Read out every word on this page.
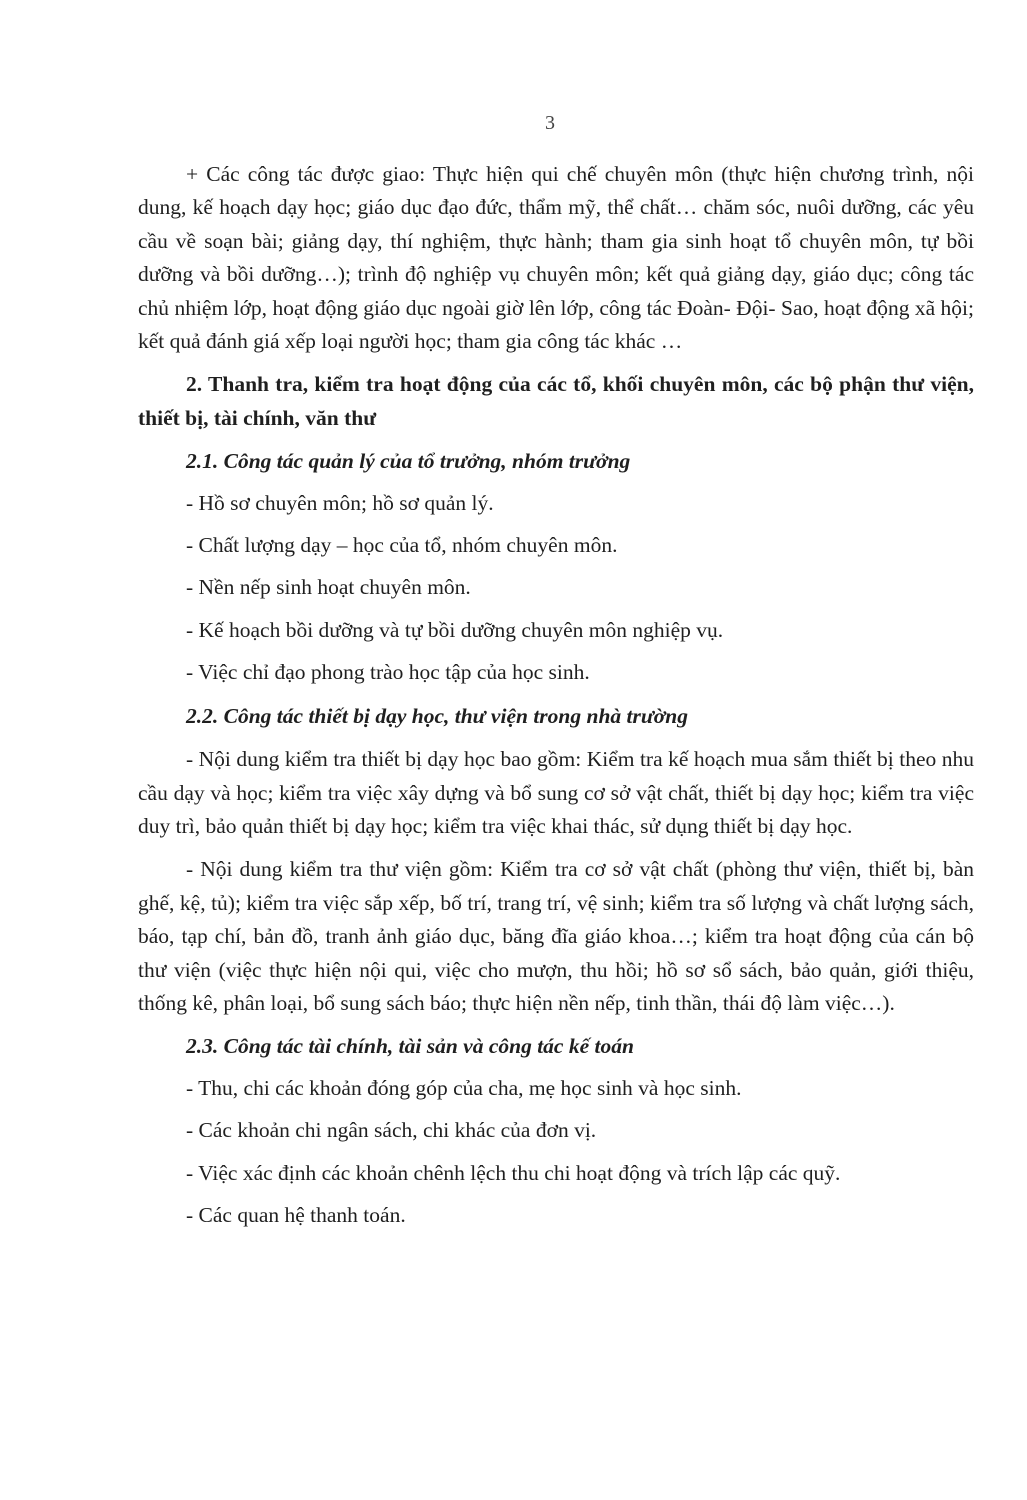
3

+ Các công tác được giao: Thực hiện qui chế chuyên môn (thực hiện chương trình, nội dung, kế hoạch dạy học; giáo dục đạo đức, thẩm mỹ, thể chất… chăm sóc, nuôi dưỡng, các yêu cầu về soạn bài; giảng dạy, thí nghiệm, thực hành; tham gia sinh hoạt tổ chuyên môn, tự bồi dưỡng và bồi dưỡng…); trình độ nghiệp vụ chuyên môn; kết quả giảng dạy, giáo dục; công tác chủ nhiệm lớp, hoạt động giáo dục ngoài giờ lên lớp, công tác Đoàn- Đội- Sao, hoạt động xã hội; kết quả đánh giá xếp loại người học; tham gia công tác khác …

2. Thanh tra, kiểm tra hoạt động của các tổ, khối chuyên môn, các bộ phận thư viện, thiết bị, tài chính, văn thư

2.1. Công tác quản lý của tổ trưởng, nhóm trưởng

- Hồ sơ chuyên môn; hồ sơ quản lý.

- Chất lượng dạy – học của tổ, nhóm chuyên môn.

- Nền nếp sinh hoạt chuyên môn.

- Kế hoạch bồi dưỡng và tự bồi dưỡng chuyên môn nghiệp vụ.

- Việc chỉ đạo phong trào học tập của học sinh.

2.2. Công tác thiết bị dạy học, thư viện trong nhà trường

- Nội dung kiểm tra thiết bị dạy học bao gồm: Kiểm tra kế hoạch mua sắm thiết bị theo nhu cầu dạy và học; kiểm tra việc xây dựng và bổ sung cơ sở vật chất, thiết bị dạy học; kiểm tra việc duy trì, bảo quản thiết bị dạy học; kiểm tra việc khai thác, sử dụng thiết bị dạy học.

- Nội dung kiểm tra thư viện gồm: Kiểm tra cơ sở vật chất (phòng thư viện, thiết bị, bàn ghế, kệ, tủ); kiểm tra việc sắp xếp, bố trí, trang trí, vệ sinh; kiểm tra số lượng và chất lượng sách, báo, tạp chí, bản đồ, tranh ảnh giáo dục, băng đĩa giáo khoa…; kiểm tra hoạt động của cán bộ thư viện (việc thực hiện nội qui, việc cho mượn, thu hồi; hồ sơ sổ sách, bảo quản, giới thiệu, thống kê, phân loại, bổ sung sách báo; thực hiện nền nếp, tinh thần, thái độ làm việc…).

2.3. Công tác tài chính, tài sản và công tác kế toán

- Thu, chi các khoản đóng góp của cha, mẹ học sinh và học sinh.

- Các khoản chi ngân sách, chi khác của đơn vị.

- Việc xác định các khoản chênh lệch thu chi hoạt động và trích lập các quỹ.

- Các quan hệ thanh toán.
